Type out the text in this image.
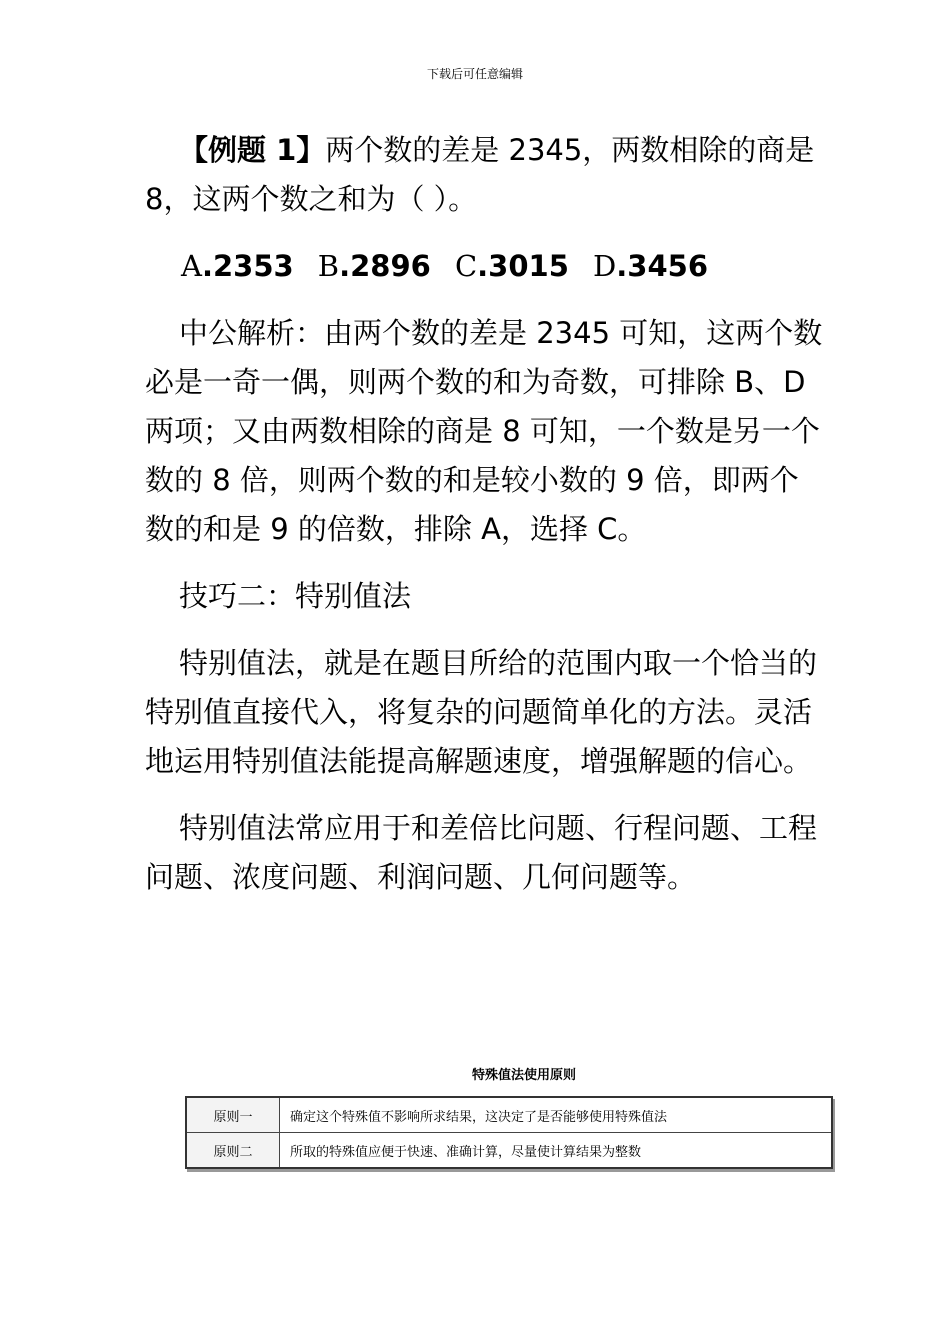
下载后可任意编辑

【例题 1】两个数的差是 2345，两数相除的商是 8，这两个数之和为（ ）。

A.2353 B.2896 C.3015 D.3456

中公解析：由两个数的差是 2345 可知，这两个数必是一奇一偶，则两个数的和为奇数，可排除 B、D 两项；又由两数相除的商是 8 可知，一个数是另一个数的 8 倍，则两个数的和是较小数的 9 倍，即两个数的和是 9 的倍数，排除 A，选择 C。

技巧二：特别值法

特别值法，就是在题目所给的范围内取一个恰当的特别值直接代入，将复杂的问题简单化的方法。灵活地运用特别值法能提高解题速度，增强解题的信心。

特别值法常应用于和差倍比问题、行程问题、工程问题、浓度问题、利润问题、几何问题等。

特殊值法使用原则
原则一	确定这个特殊值不影响所求结果，这决定了是否能够使用特殊值法
原则二	所取的特殊值应便于快速、准确计算，尽量使计算结果为整数
